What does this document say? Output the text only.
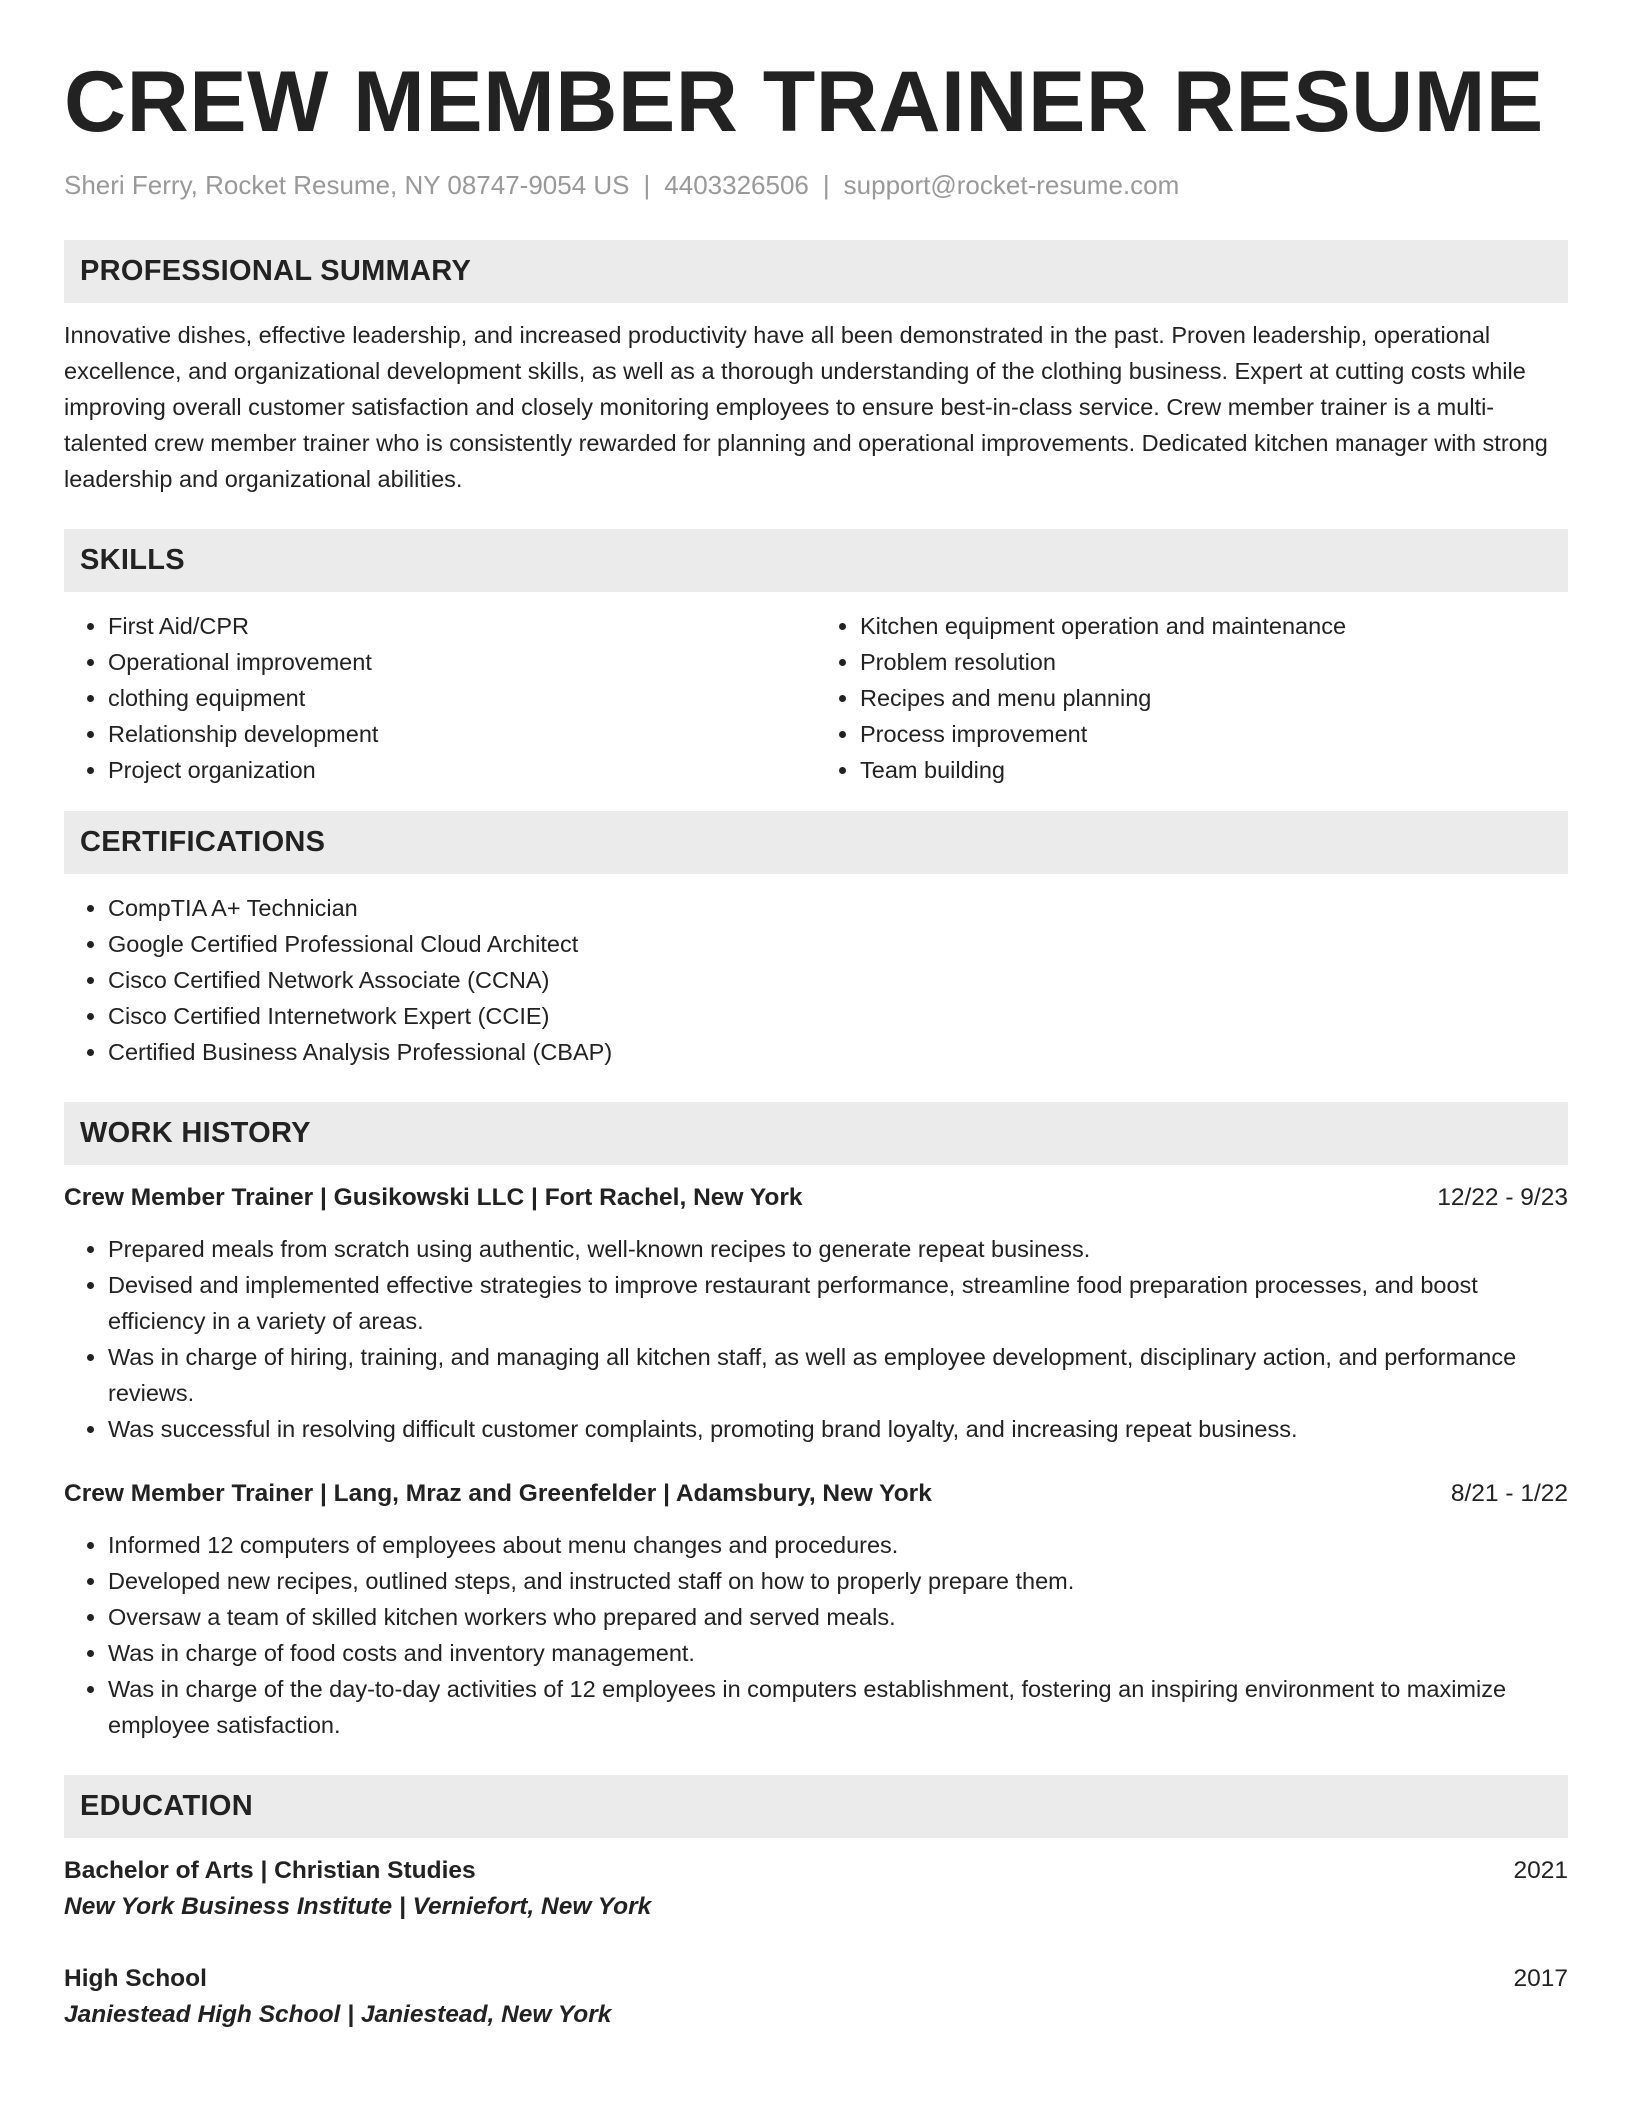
CREW MEMBER TRAINER RESUME
Sheri Ferry, Rocket Resume, NY 08747-9054 US | 4403326506 | support@rocket-resume.com
PROFESSIONAL SUMMARY

Innovative dishes, effective leadership, and increased productivity have all been demonstrated in the past. Proven leadership, operational excellence, and organizational development skills, as well as a thorough understanding of the clothing business. Expert at cutting costs while improving overall customer satisfaction and closely monitoring employees to ensure best-in-class service. Crew member trainer is a multi-talented crew member trainer who is consistently rewarded for planning and operational improvements. Dedicated kitchen manager with strong leadership and organizational abilities.

SKILLS
• First Aid/CPR
• Operational improvement
• clothing equipment
• Relationship development
• Project organization
• Kitchen equipment operation and maintenance
• Problem resolution
• Recipes and menu planning
• Process improvement
• Team building
CERTIFICATIONS
• CompTIA A+ Technician
• Google Certified Professional Cloud Architect
• Cisco Certified Network Associate (CCNA)
• Cisco Certified Internetwork Expert (CCIE)
• Certified Business Analysis Professional (CBAP)
WORK HISTORY
Crew Member Trainer | Gusikowski LLC | Fort Rachel, New York	12/22 - 9/23
• Prepared meals from scratch using authentic, well-known recipes to generate repeat business.
• Devised and implemented effective strategies to improve restaurant performance, streamline food preparation processes, and boost efficiency in a variety of areas.
• Was in charge of hiring, training, and managing all kitchen staff, as well as employee development, disciplinary action, and performance reviews.
• Was successful in resolving difficult customer complaints, promoting brand loyalty, and increasing repeat business.
Crew Member Trainer | Lang, Mraz and Greenfelder | Adamsbury, New York	8/21 - 1/22
• Informed 12 computers of employees about menu changes and procedures.
• Developed new recipes, outlined steps, and instructed staff on how to properly prepare them.
• Oversaw a team of skilled kitchen workers who prepared and served meals.
• Was in charge of food costs and inventory management.
• Was in charge of the day-to-day activities of 12 employees in computers establishment, fostering an inspiring environment to maximize employee satisfaction.
EDUCATION
Bachelor of Arts | Christian Studies	2021
New York Business Institute | Verniefort, New York
High School	2017
Janiestead High School | Janiestead, New York
